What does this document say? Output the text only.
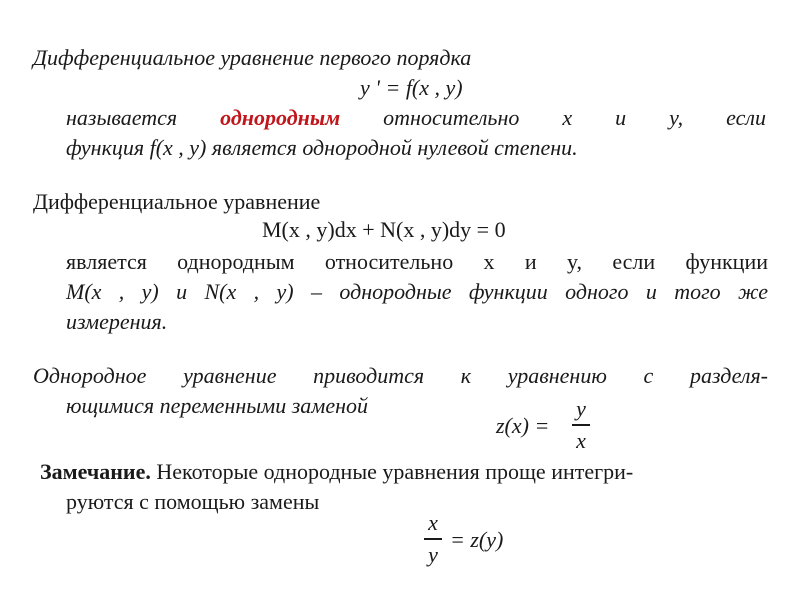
Дифференциальное уравнение первого порядка
y ' = f(x , y)
называется однородным относительно x и y, если
функция f(x , y) является однородной нулевой степени.
Дифференциальное уравнение
M(x , y)dx + N(x , y)dy = 0
является однородным относительно x и y, если функции
M(x , y) и N(x , y) – однородные функции одного и того же
измерения.
Однородное уравнение приводится к уравнению с разделя-
ющимися переменными заменой
z(x) =
y
x
Замечание. Некоторые однородные уравнения проще интегри-
руются с помощью замены
x
y
= z(y)
